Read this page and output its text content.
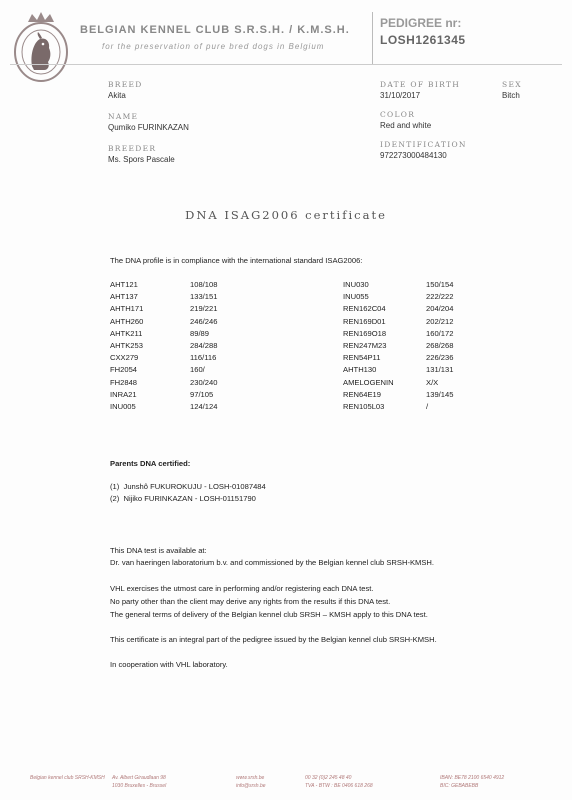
BELGIAN KENNEL CLUB S.R.S.H. / K.M.S.H.
for the preservation of pure bred dogs in Belgium
PEDIGREE nr:
LOSH1261345
BREED
Akita
NAME
Qumiko FURINKAZAN
BREEDER
Ms. Spors Pascale
DATE OF BIRTH
31/10/2017
SEX
Bitch
COLOR
Red and white
IDENTIFICATION
972273000484130
DNA ISAG2006 certificate
The DNA profile is in compliance with the international standard ISAG2006:
AHT121	108/108
AHT137	133/151
AHTH171	219/221
AHTH260	246/246
AHTK211	89/89
AHTK253	284/288
CXX279	116/116
FH2054	160/
FH2848	230/240
INRA21	97/105
INU005	124/124
INU030	150/154
INU055	222/222
REN162C04	204/204
REN169D01	202/212
REN169O18	160/172
REN247M23	268/268
REN54P11	226/236
AHTH130	131/131
AMELOGENIN	X/X
REN64E19	139/145
REN105L03	/
Parents DNA certified:
(1) Junshô FUKUROKUJU - LOSH-01087484
(2) Nijiko FURINKAZAN - LOSH-01151790
This DNA test is available at:
Dr. van haeringen laboratorium b.v. and commissioned by the Belgian kennel club SRSH-KMSH.
VHL exercises the utmost care in performing and/or registering each DNA test.
No party other than the client may derive any rights from the results if this DNA test.
The general terms of delivery of the Belgian kennel club SRSH – KMSH apply to this DNA test.
This certificate is an integral part of the pedigree issued by the Belgian kennel club SRSH-KMSH.
In cooperation with VHL laboratory.
Belgian kennel club SRSH-KMSH Av. Albert Giraudlaan 98
1030 Bruxelles - Brussel
www.srsh.be
info@srsh.be
00 32 (0)2 245 48 40
TVA - BTW : BE 0406 618 268
IBAN: BE78 2100 6540 4912
BIC: GEBABEBB
